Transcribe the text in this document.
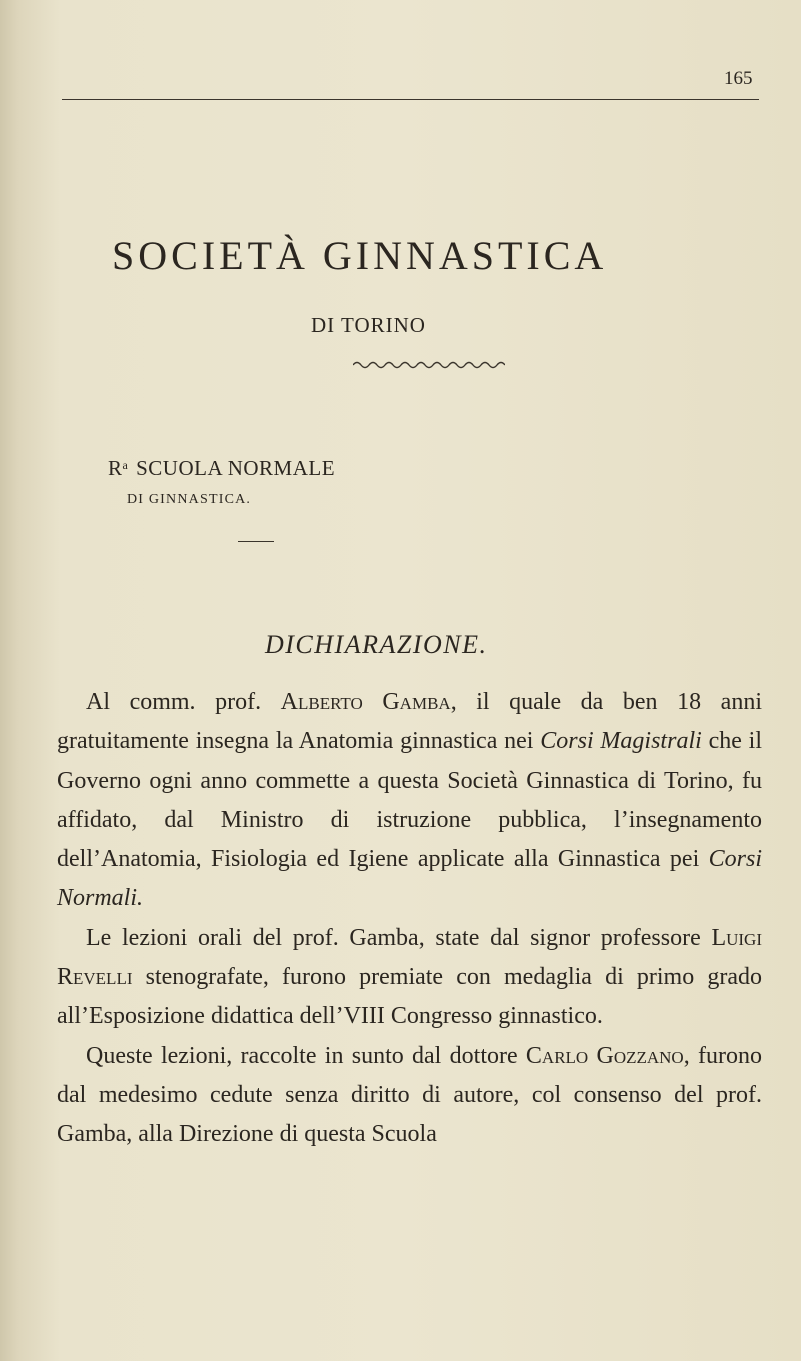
165
SOCIETÀ GINNASTICA
DI TORINO
$R^a$ SCUOLA NORMALE
DI GINNASTICA.
DICHIARAZIONE.

Al comm. prof. Alberto Gamba, il quale da ben 18 anni gratuitamente insegna la Anatomia ginnastica nei Corsi Magistrali che il Governo ogni anno commette a questa Società Ginnastica di Torino, fu affidato, dal Ministro di istruzione pubblica, l’insegnamento dell’Anatomia, Fisiologia ed Igiene applicate alla Ginnastica pei Corsi Normali.

Le lezioni orali del prof. Gamba, state dal signor professore Luigi Revelli stenografate, furono premiate con medaglia di primo grado all’Esposizione didattica dell’VIII Congresso ginnastico.

Queste lezioni, raccolte in sunto dal dottore Carlo Gozzano, furono dal medesimo cedute senza diritto di autore, col consenso del prof. Gamba, alla Direzione di questa Scuola
